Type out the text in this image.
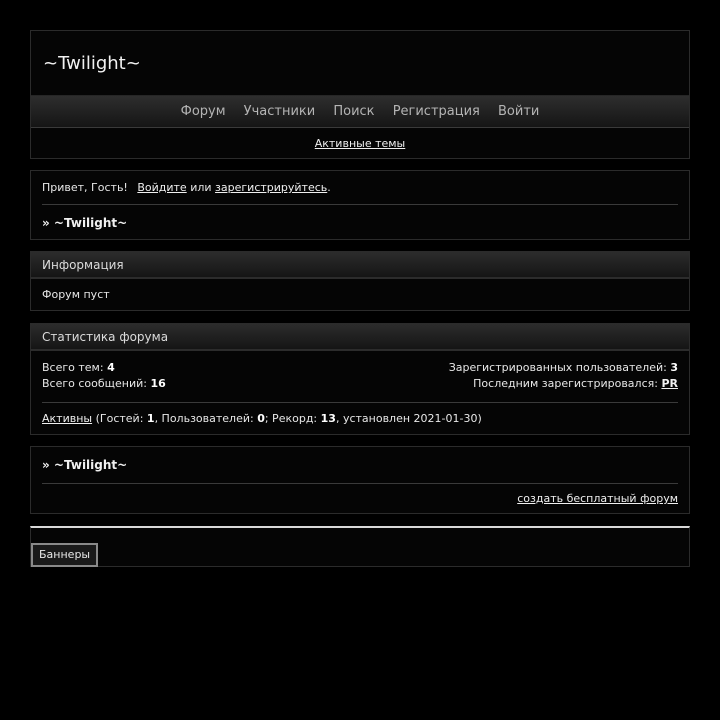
~Twilight~
Форум Участники Поиск Регистрация Войти
Активные темы
Привет, Гость! Войдите или зарегистрируйтесь.
» ~Twilight~
Информация
Форум пуст
Статистика форума
Всего тем: 4	Зарегистрированных пользователей: 3
Всего сообщений: 16	Последним зарегистрировался: PR
Активны (Гостей: 1, Пользователей: 0; Рекорд: 13, установлен 2021-01-30)
» ~Twilight~
создать бесплатный форум
Баннеры
